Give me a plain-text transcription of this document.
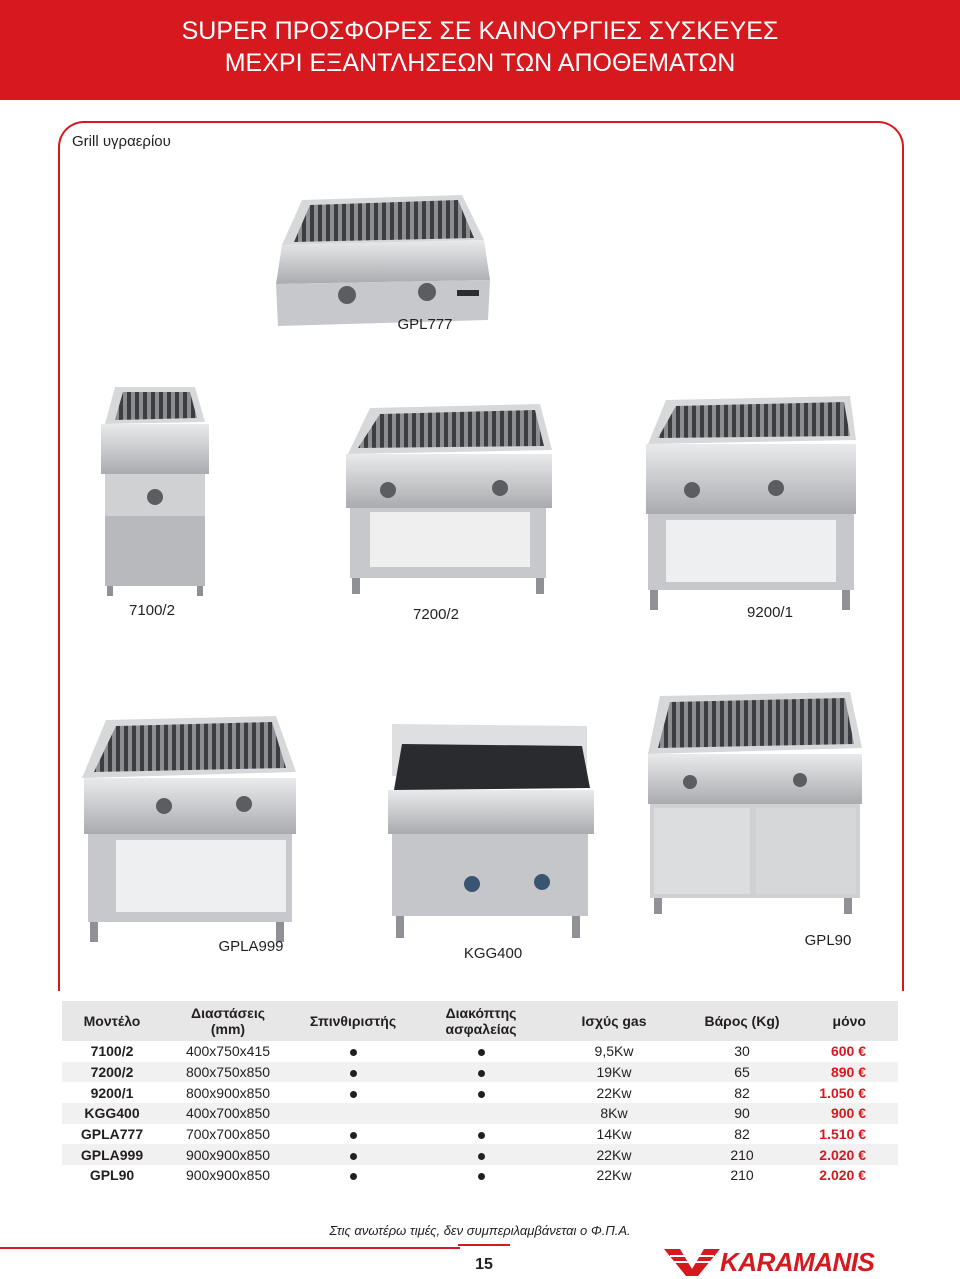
SUPER ΠΡΟΣΦΟΡΕΣ ΣΕ ΚΑΙΝΟΥΡΓΙΕΣ ΣΥΣΚΕΥΕΣ
ΜΕΧΡΙ ΕΞΑΝΤΛΗΣΕΩΝ ΤΩΝ ΑΠΟΘΕΜΑΤΩΝ
Grill υγραερίου
GPL777
7100/2	7200/2	9200/1
GPLA999	KGG400
GPL90
Μοντέλο	Διαστάσεις (mm)	Σπινθιριστής	Διακόπτης ασφαλείας	Ισχύς gas	Βάρος (Kg)	μόνο
7100/2	400x750x415			9,5Kw	30	600 €
7200/2	800x750x850			19Kw	65	890 €
9200/1	800x900x850			22Kw	82	1.050 €
KGG400	400x700x850			8Kw	90	900 €
GPLA777	700x700x850			14Kw	82	1.510 €
GPLA999	900x900x850			22Kw	210	2.020 €
GPL90	900x900x850			22Kw	210	2.020 €
Στις ανωτέρω τιμές, δεν συμπεριλαμβάνεται ο Φ.Π.Α.
15	KARAMANIS
